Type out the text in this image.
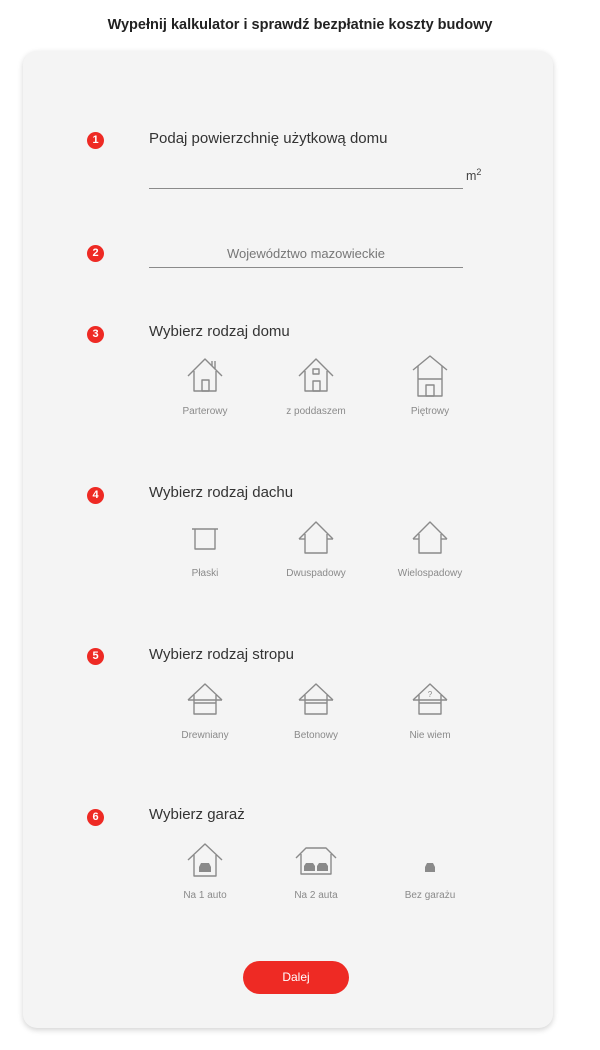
Wypełnij kalkulator i sprawdź bezpłatnie koszty budowy
1	Podaj powierzchnię użytkową domu
$m^2$
2	Województwo mazowieckie
3	Wybierz rodzaj domu
Parterowy	z poddaszem	Piętrowy
4	Wybierz rodzaj dachu
Płaski	Dwuspadowy	Wielospadowy
5	Wybierz rodzaj stropu
Drewniany	Betonowy
?
Nie wiem
6	Wybierz garaż
Na 1 auto	Na 2 auta	Bez garażu
Dalej
